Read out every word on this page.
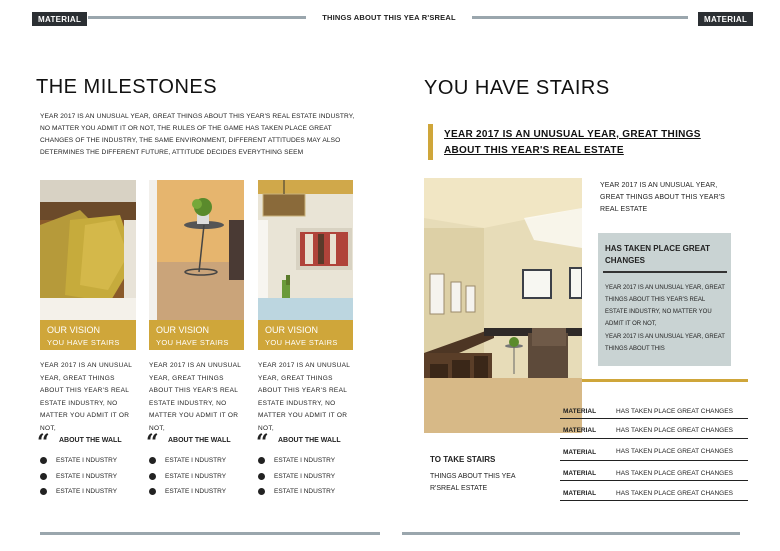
MATERIAL	THINGS ABOUT THIS YEA R'SREAL	MATERIAL
THE MILESTONES
YEAR 2017 IS AN UNUSUAL YEAR, GREAT THINGS ABOUT THIS YEAR'S REAL ESTATE INDUSTRY, NO MATTER YOU ADMIT IT OR NOT, THE RULES OF THE GAME HAS TAKEN PLACE GREAT CHANGES OF THE INDUSTRY, THE SAME ENVIRONMENT, DIFFERENT ATTITUDES MAY ALSO DETERMINES THE DIFFERENT FUTURE, ATTITUDE DECIDES EVERYTHING SEEM
OUR VISION
YOU HAVE STAIRS
YEAR 2017 IS AN UNUSUAL YEAR, GREAT THINGS ABOUT THIS YEAR'S REAL ESTATE INDUSTRY, NO MATTER YOU ADMIT IT OR NOT,
OUR VISION
YOU HAVE STAIRS
YEAR 2017 IS AN UNUSUAL YEAR, GREAT THINGS ABOUT THIS YEAR'S REAL ESTATE INDUSTRY, NO MATTER YOU ADMIT IT OR NOT,
OUR VISION
YOU HAVE STAIRS
YEAR 2017 IS AN UNUSUAL YEAR, GREAT THINGS ABOUT THIS YEAR'S REAL ESTATE INDUSTRY, NO MATTER YOU ADMIT IT OR NOT,
“ ABOUT THE WALL “ ABOUT THE WALL “ ABOUT THE WALL
ESTATE I NDUSTRY
ESTATE I NDUSTRY
ESTATE I NDUSTRY
ESTATE I NDUSTRY
ESTATE I NDUSTRY
ESTATE I NDUSTRY
ESTATE I NDUSTRY
ESTATE I NDUSTRY
ESTATE I NDUSTRY
YOU HAVE STAIRS
YEAR 2017 IS AN UNUSUAL YEAR, GREAT THINGS
ABOUT THIS YEAR'S REAL ESTATE
YEAR 2017 IS AN UNUSUAL YEAR, GREAT THINGS ABOUT THIS YEAR'S REAL ESTATE
HAS TAKEN PLACE GREAT CHANGES
YEAR 2017 IS AN UNUSUAL YEAR, GREAT THINGS ABOUT THIS YEAR'S REAL ESTATE INDUSTRY, NO MATTER YOU ADMIT IT OR NOT,
YEAR 2017 IS AN UNUSUAL YEAR, GREAT THINGS ABOUT THIS
MATERIAL	HAS TAKEN PLACE GREAT CHANGES
MATERIAL	HAS TAKEN PLACE GREAT CHANGES
MATERIAL	HAS TAKEN PLACE GREAT CHANGES
MATERIAL	HAS TAKEN PLACE GREAT CHANGES
MATERIAL	HAS TAKEN PLACE GREAT CHANGES
TO TAKE STAIRS
THINGS ABOUT THIS YEA R'SREAL ESTATE
